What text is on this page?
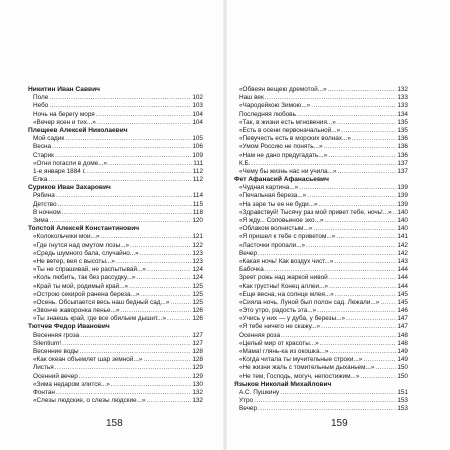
Никитин Иван Саввич
Поле .....	102
Небо .....	103
Ночь на берегу моря .....	104
«Вечер ясен и тих...» .....	104
Плещеев Алексей Николаевич
Мой садик .....	105
Весна .....	106
Старик .....	109
«Огни погасли в доме...» .....	111
1-е января 1884 г. .....	112
Елка .....	112
Суриков Иван Захарович
Рябина .....	114
Детство .....	115
В ночном .....	118
Зима .....	120
Толстой Алексей Константинович
«Колокольчики мои...» .....	121
«Где гнутся над омутом лозы...» .....	122
«Средь шумного бала, случайно...» .....	123
«Не ветер, вея с высоты...» .....	123
«Ты не спрашивай, не распытывай...» .....	124
«Коль любить, так без рассудку...» .....	124
«Край ты мой, родимый край...» .....	125
«Острою секирой ранена береза...» .....	125
«Осень. Обсыпается весь наш бедный сад...» .....	125
«Звонче жаворонка пенье...» .....	126
«Ты знаешь край, где все обильем дышит...» .....	126
Тютчев Федор Иванович
Весенняя гроза .....	127
Silentium! .....	127
Весенние воды .....	128
«Как океан объемлет шар земной...» .....	128
Листья .....	129
Осенний вечер .....	129
«Зима недаром злится...» .....	130
Фонтан .....	132
«Слезы людские, о слезы людские...» .....	132
«Обвеян вещею дремотой...» .....	132
Наш век .....	133
«Чародейкою Зимою...» .....	133
Последняя любовь .....	134
«Так, в жизни есть мгновения...» .....	135
«Есть в осени первоначальной...» .....	135
«Певучесть есть в морских волнах...» .....	136
«Умом Россию не понять...» .....	136
«Нам не дано предугадать...» .....	136
К.Б. .....	137
«Чему бы жизнь нас ни учила...» .....	137
Фет Афанасий Афанасьевич
«Чудная картина...» .....	139
«Печальная береза...» .....	139
«На заре ты ее не буди...» .....	139
«Здравствуй! Тысячу раз мой привет тебе, ночь!...» ..... 140
«Я жду... Соловьиное эхо...» .....	140
«Облаком волнистым...» .....	140
«Я пришел к тебе с приветом...» .....	141
«Ласточки пропали...» .....	142
Вечер .....	142
«Какая ночь! Как воздух чист...» .....	143
Бабочка .....	144
Зреет рожь над жаркой нивой .....	144
«Как грустны! Конец аллеи...» .....	144
«Еще весна, на солнце млея...» .....	145
«Сияла ночь. Луной был полон сад. Лежали...» .....	145
«Это утро, радость эта...» .....	146
«Учись у них — у дуба, у березы...» .....	147
«Я тебе ничего не скажу...» .....	147
Осенняя роза .....	148
«Целый мир от красоты...» .....	148
«Мама! глянь-ка из окошка...» .....	149
«Когда читала ты мучительные строки...» .....	149
«Не жизни жаль с томительным дыханьем...» .....	150
«Не тем, Господь, могуч, непостижим...» .....	150
Языков Николай Михайлович
А.С. Пушкину .....	151
Утро .....	153
Вечер .....	153
158	159
